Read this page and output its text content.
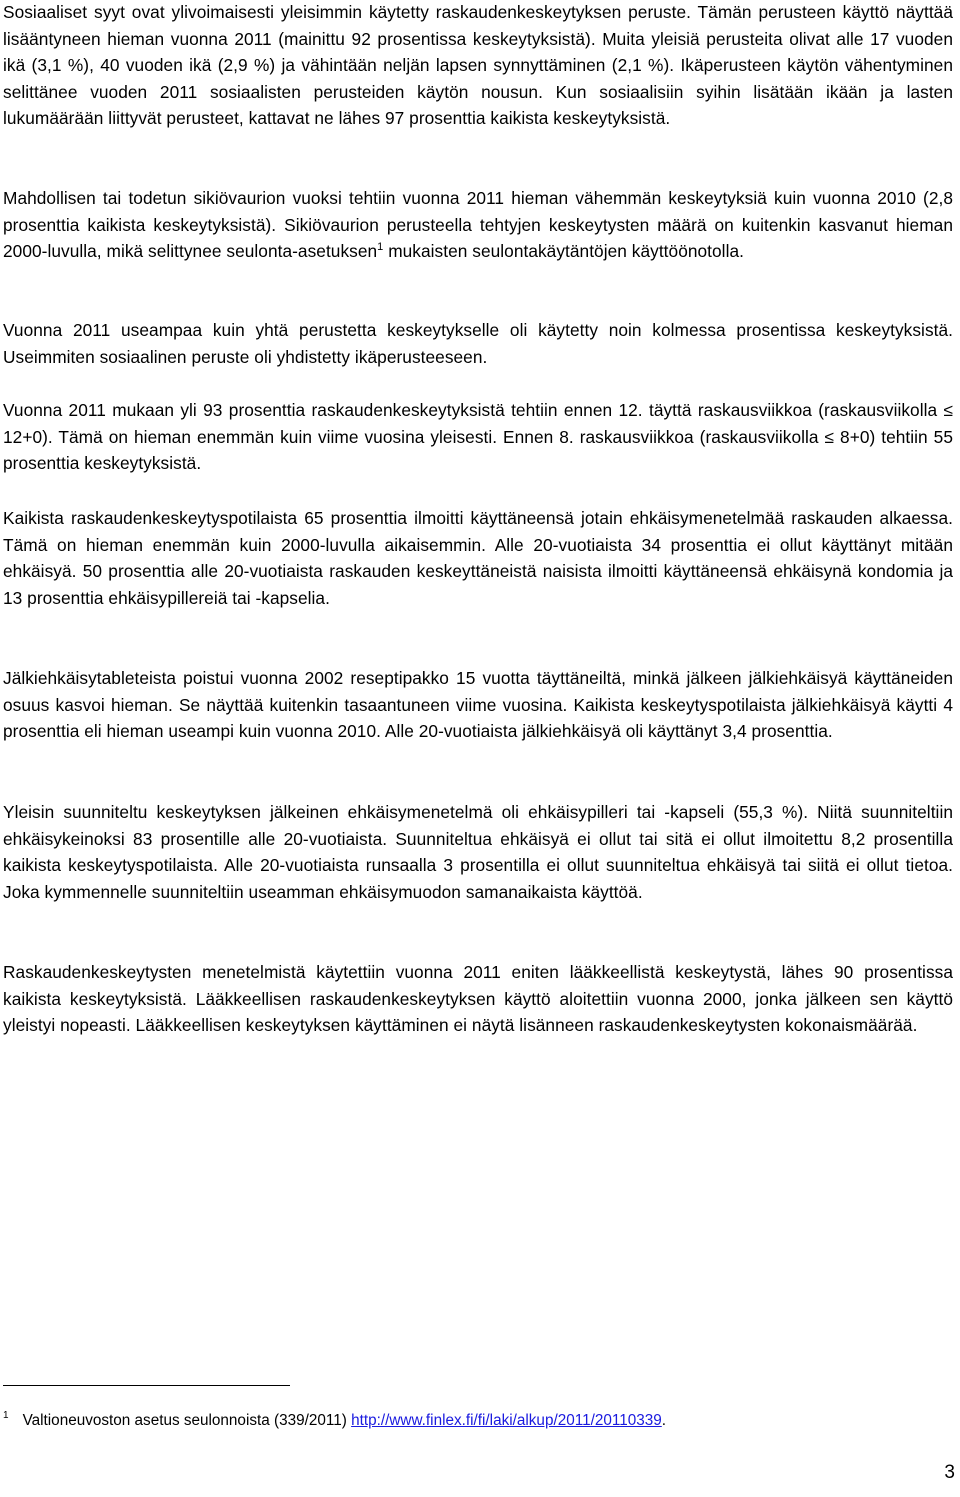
Sosiaaliset syyt ovat ylivoimaisesti yleisimmin käytetty raskaudenkeskeytyksen peruste. Tämän perusteen käyttö näyttää lisääntyneen hieman vuonna 2011 (mainittu 92 prosentissa keskeytyksistä). Muita yleisiä perusteita olivat alle 17 vuoden ikä (3,1 %), 40 vuoden ikä (2,9 %) ja vähintään neljän lapsen synnyttäminen (2,1 %). Ikäperusteen käytön vähentyminen selittänee vuoden 2011 sosiaalisten perusteiden käytön nousun. Kun sosiaalisiin syihin lisätään ikään ja lasten lukumäärään liittyvät perusteet, kattavat ne lähes 97 prosenttia kaikista keskeytyksistä.

Mahdollisen tai todetun sikiövaurion vuoksi tehtiin vuonna 2011 hieman vähemmän keskeytyksiä kuin vuonna 2010 (2,8 prosenttia kaikista keskeytyksistä). Sikiövaurion perusteella tehtyjen keskeytysten määrä on kuitenkin kasvanut hieman 2000-luvulla, mikä selittynee seulonta-asetuksen$^1$ mukaisten seulontakäytäntöjen käyttöönotolla.

Vuonna 2011 useampaa kuin yhtä perustetta keskeytykselle oli käytetty noin kolmessa prosentissa keskeytyksistä. Useimmiten sosiaalinen peruste oli yhdistetty ikäperusteeseen.

Vuonna 2011 mukaan yli 93 prosenttia raskaudenkeskeytyksistä tehtiin ennen 12. täyttä raskausviikkoa (raskausviikolla ≤ 12+0). Tämä on hieman enemmän kuin viime vuosina yleisesti. Ennen 8. raskausviikkoa (raskausviikolla ≤ 8+0) tehtiin 55 prosenttia keskeytyksistä.

Kaikista raskaudenkeskeytyspotilaista 65 prosenttia ilmoitti käyttäneensä jotain ehkäisymenetelmää raskauden alkaessa. Tämä on hieman enemmän kuin 2000-luvulla aikaisemmin. Alle 20-vuotiaista 34 prosenttia ei ollut käyttänyt mitään ehkäisyä. 50 prosenttia alle 20-vuotiaista raskauden keskeyttäneistä naisista ilmoitti käyttäneensä ehkäisynä kondomia ja 13 prosenttia ehkäisypillereiä tai -kapselia.

Jälkiehkäisytableteista poistui vuonna 2002 reseptipakko 15 vuotta täyttäneiltä, minkä jälkeen jälkiehkäisyä käyttäneiden osuus kasvoi hieman. Se näyttää kuitenkin tasaantuneen viime vuosina. Kaikista keskeytyspotilaista jälkiehkäisyä käytti 4 prosenttia eli hieman useampi kuin vuonna 2010. Alle 20-vuotiaista jälkiehkäisyä oli käyttänyt 3,4 prosenttia.

Yleisin suunniteltu keskeytyksen jälkeinen ehkäisymenetelmä oli ehkäisypilleri tai -kapseli (55,3 %). Niitä suunniteltiin ehkäisykeinoksi 83 prosentille alle 20-vuotiaista. Suunniteltua ehkäisyä ei ollut tai sitä ei ollut ilmoitettu 8,2 prosentilla kaikista keskeytyspotilaista. Alle 20-vuotiaista runsaalla 3 prosentilla ei ollut suunniteltua ehkäisyä tai siitä ei ollut tietoa. Joka kymmennelle suunniteltiin useamman ehkäisymuodon samanaikaista käyttöä.

Raskaudenkeskeytysten menetelmistä käytettiin vuonna 2011 eniten lääkkeellistä keskeytystä, lähes 90 prosentissa kaikista keskeytyksistä. Lääkkeellisen raskaudenkeskeytyksen käyttö aloitettiin vuonna 2000, jonka jälkeen sen käyttö yleistyi nopeasti. Lääkkeellisen keskeytyksen käyttäminen ei näytä lisänneen raskaudenkeskeytysten kokonaismäärää.

$^1$ Valtioneuvoston asetus seulonnoista (339/2011) http://www.finlex.fi/fi/laki/alkup/2011/20110339.

3
